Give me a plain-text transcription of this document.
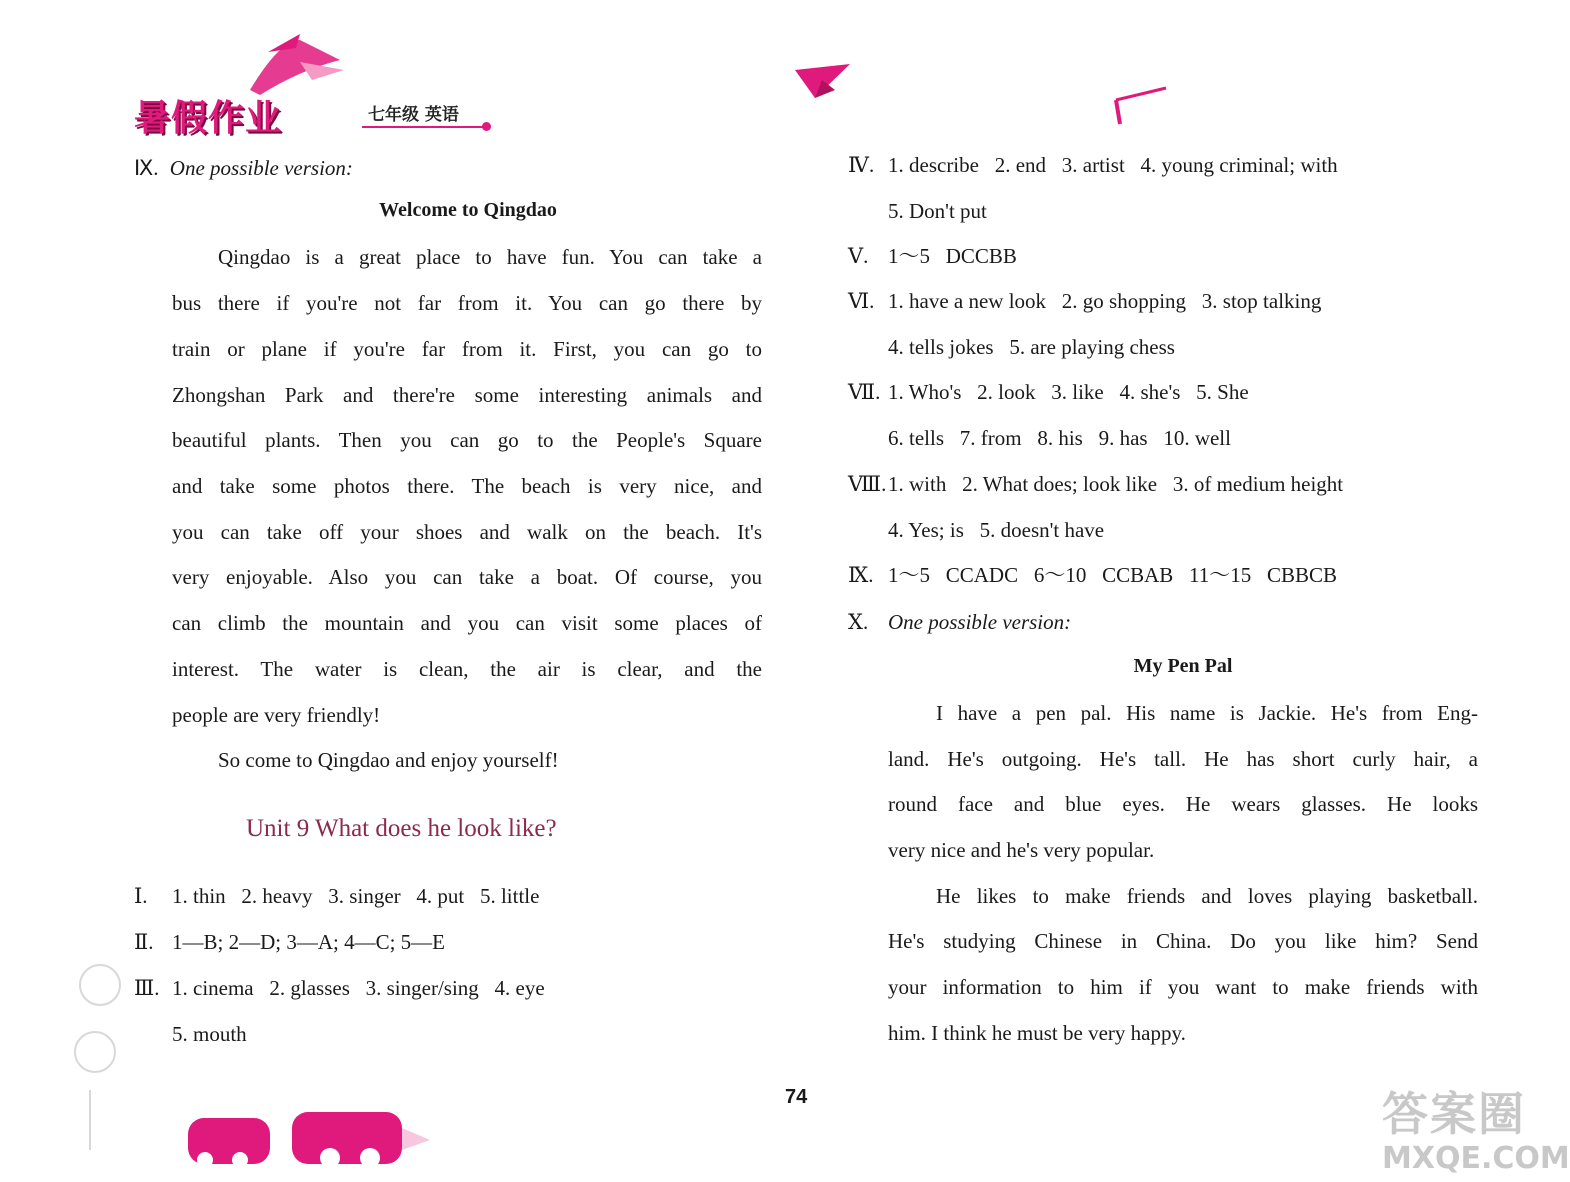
暑假作业	七年级 英语
Ⅸ. One possible version:
Welcome to Qingdao
Qingdao is a great place to have fun. You can take a
bus there if you're not far from it. You can go there by
train or plane if you're far from it. First, you can go to
Zhongshan Park and there're some interesting animals and
beautiful plants. Then you can go to the People's Square
and take some photos there. The beach is very nice, and
you can take off your shoes and walk on the beach. It's
very enjoyable. Also you can take a boat. Of course, you
can climb the mountain and you can visit some places of
interest. The water is clean, the air is clear, and the
people are very friendly!
So come to Qingdao and enjoy yourself!
Unit 9 What does he look like?
Ⅰ. 1. thin   2. heavy   3. singer   4. put   5. little
Ⅱ. 1—B; 2—D; 3—A; 4—C; 5—E
Ⅲ. 1. cinema   2. glasses   3. singer/sing   4. eye
5. mouth
Ⅳ. 1. describe   2. end   3. artist   4. young criminal; with
5. Don't put
Ⅴ. 1～5   DCCBB
Ⅵ. 1. have a new look   2. go shopping   3. stop talking
4. tells jokes   5. are playing chess
Ⅶ. 1. Who's   2. look   3. like   4. she's   5. She
6. tells   7. from   8. his   9. has   10. well
Ⅷ.1. with   2. What does; look like   3. of medium height
4. Yes; is   5. doesn't have
Ⅸ. 1～5   CCADC   6～10   CCBAB   11～15   CBBCB
Ⅹ. One possible version:
My Pen Pal
I have a pen pal. His name is Jackie. He's from Eng-
land. He's outgoing. He's tall. He has short curly hair, a
round face and blue eyes. He wears glasses. He looks
very nice and he's very popular.
He likes to make friends and loves playing basketball.
He's studying Chinese in China. Do you like him? Send
your information to him if you want to make friends with
him. I think he must be very happy.
74	答案圈
MXQE.COM
